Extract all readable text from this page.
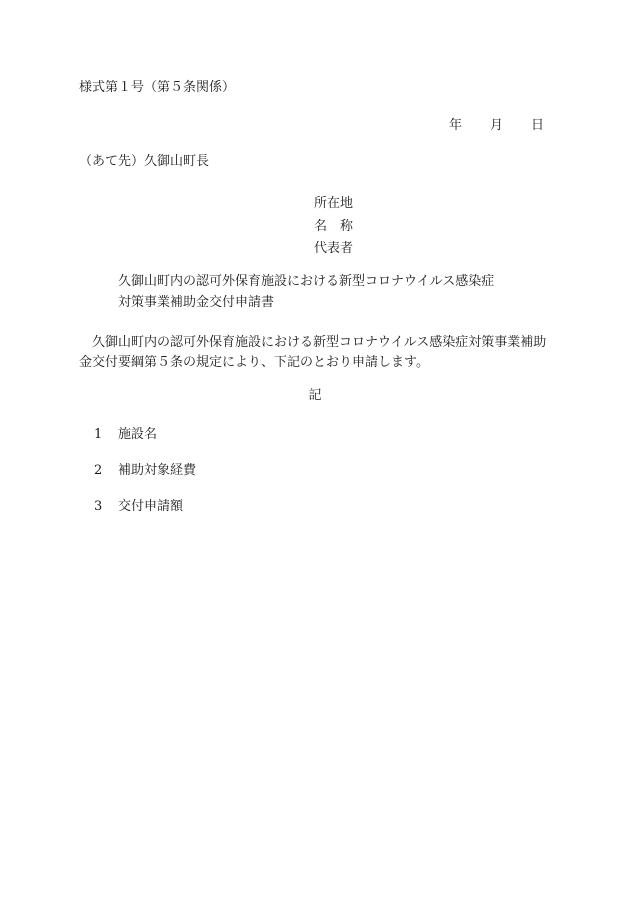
様式第１号（第５条関係）
年 月 日
（あて先）久御山町長
所在地
名　称
代表者
久御山町内の認可外保育施設における新型コロナウイルス感染症
対策事業補助金交付申請書
久御山町内の認可外保育施設における新型コロナウイルス感染症対策事業補助金交付要綱第５条の規定により、下記のとおり申請します。
記
1 施設名
2 補助対象経費
3 交付申請額
